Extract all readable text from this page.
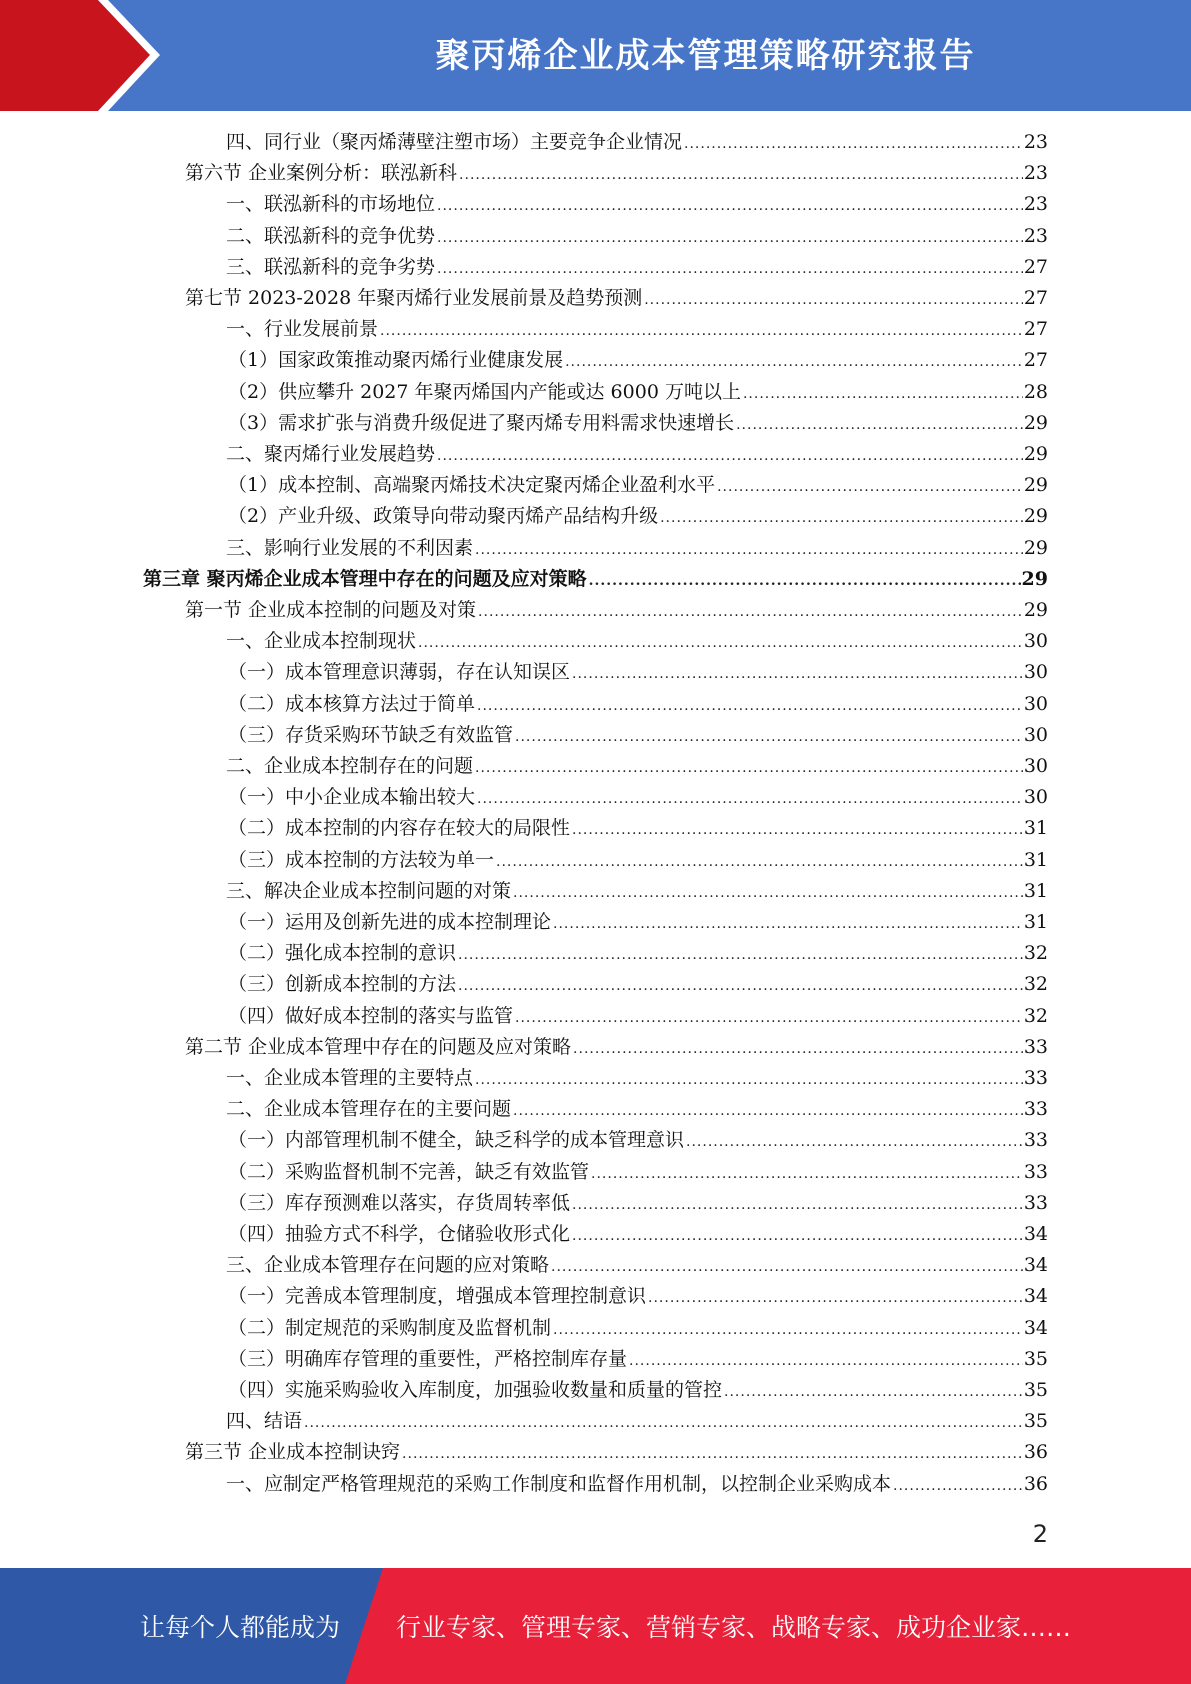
聚丙烯企业成本管理策略研究报告
四、同行业（聚丙烯薄壁注塑市场）主要竞争企业情况 .....	23
第六节 企业案例分析：联泓新科 .....	23
一、联泓新科的市场地位 .....	23
二、联泓新科的竞争优势 .....	23
三、联泓新科的竞争劣势 .....	27
第七节 2023-2028 年聚丙烯行业发展前景及趋势预测 .....	27
一、行业发展前景 .....	27
（1）国家政策推动聚丙烯行业健康发展 .....	27
（2）供应攀升 2027 年聚丙烯国内产能或达 6000 万吨以上 .....	28
（3）需求扩张与消费升级促进了聚丙烯专用料需求快速增长 .....	29
二、聚丙烯行业发展趋势 .....	29
（1）成本控制、高端聚丙烯技术决定聚丙烯企业盈利水平 .....	29
（2）产业升级、政策导向带动聚丙烯产品结构升级 .....	29
三、影响行业发展的不利因素 .....	29
第三章 聚丙烯企业成本管理中存在的问题及应对策略 .....	29
第一节 企业成本控制的问题及对策 .....	29
一、企业成本控制现状 .....	30
（一）成本管理意识薄弱，存在认知误区 .....	30
（二）成本核算方法过于简单 .....	30
（三）存货采购环节缺乏有效监管 .....	30
二、企业成本控制存在的问题 .....	30
（一）中小企业成本输出较大 .....	30
（二）成本控制的内容存在较大的局限性 .....	31
（三）成本控制的方法较为单一 .....	31
三、解决企业成本控制问题的对策 .....	31
（一）运用及创新先进的成本控制理论 .....	31
（二）强化成本控制的意识 .....	32
（三）创新成本控制的方法 .....	32
（四）做好成本控制的落实与监管 .....	32
第二节 企业成本管理中存在的问题及应对策略 .....	33
一、企业成本管理的主要特点 .....	33
二、企业成本管理存在的主要问题 .....	33
（一）内部管理机制不健全，缺乏科学的成本管理意识 .....	33
（二）采购监督机制不完善，缺乏有效监管 .....	33
（三）库存预测难以落实，存货周转率低 .....	33
（四）抽验方式不科学，仓储验收形式化 .....	34
三、企业成本管理存在问题的应对策略 .....	34
（一）完善成本管理制度，增强成本管理控制意识 .....	34
（二）制定规范的采购制度及监督机制 .....	34
（三）明确库存管理的重要性，严格控制库存量 .....	35
（四）实施采购验收入库制度，加强验收数量和质量的管控 .....	35
四、结语 .....	35
第三节 企业成本控制诀窍 .....	36
一、应制定严格管理规范的采购工作制度和监督作用机制，以控制企业采购成本 .....	36
2
让每个人都能成为 行业专家、管理专家、营销专家、战略专家、成功企业家……
